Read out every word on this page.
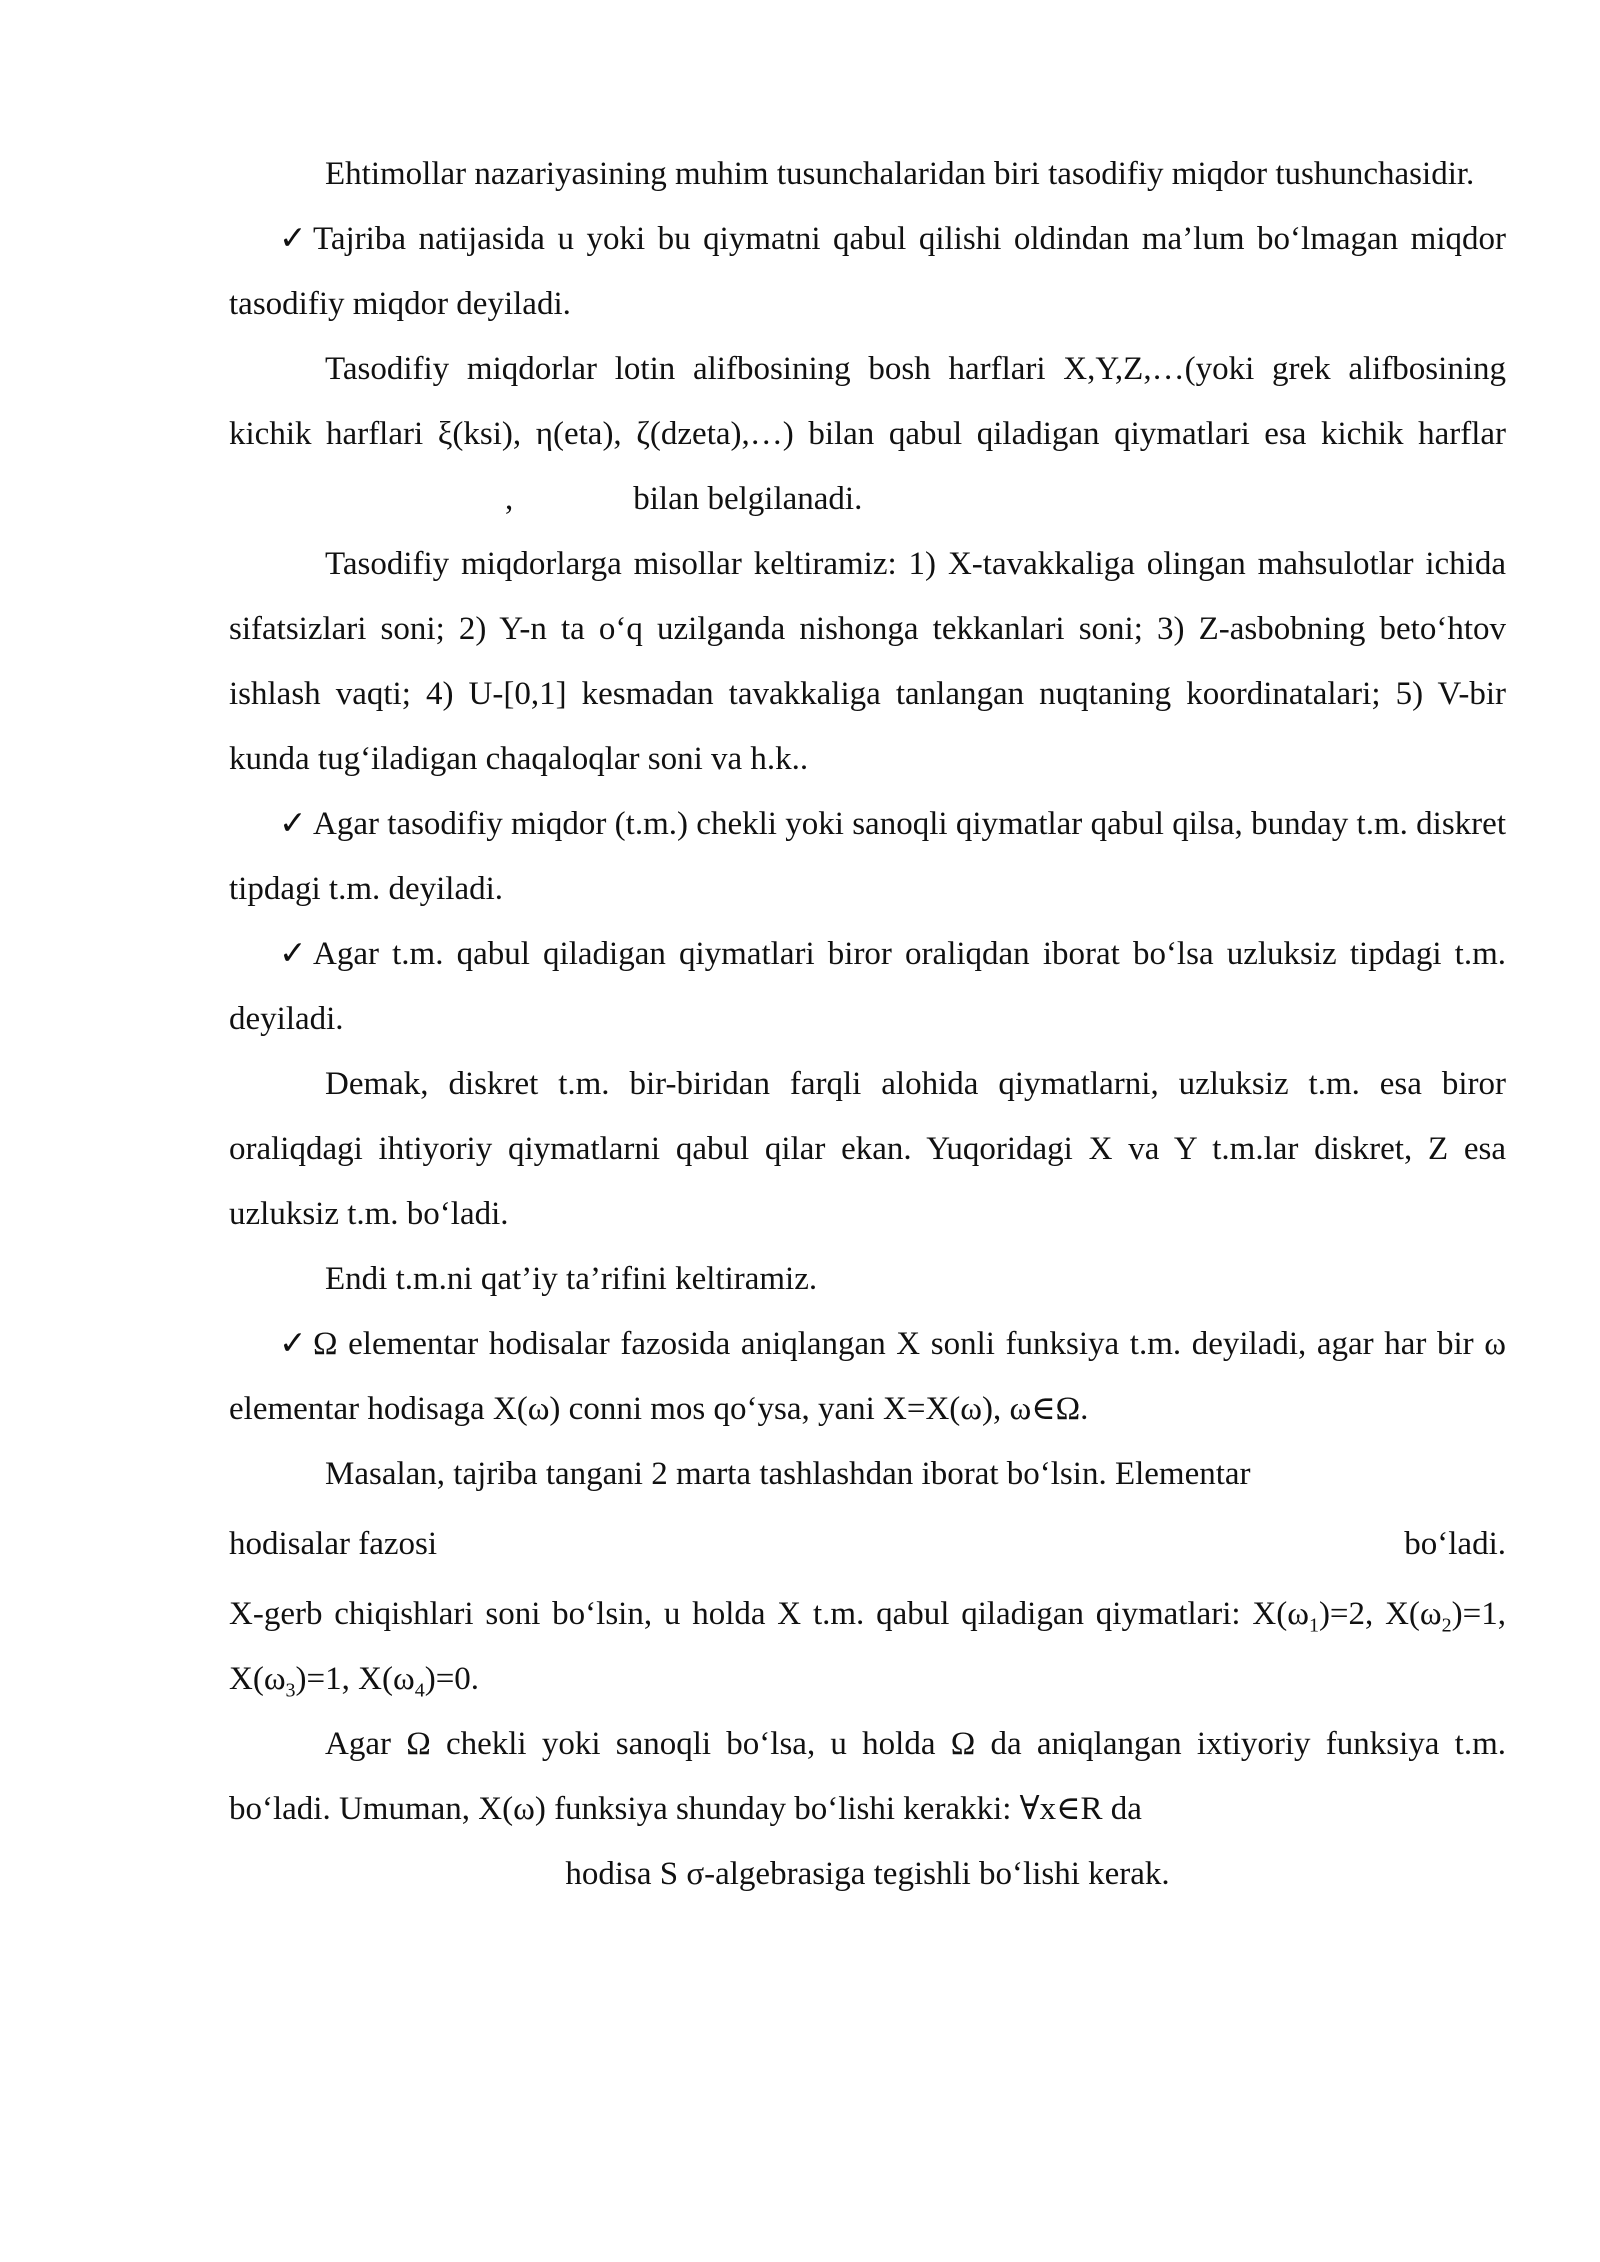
Ehtimollar nazariyasining muhim tusunchalaridan biri tasodifiy miqdor tushunchasidir.

✓ Tajriba natijasida u yoki bu qiymatni qabul qilishi oldindan ma’lum bo‘lmagan miqdor tasodifiy miqdor deyiladi.

Tasodifiy miqdorlar lotin alifbosining bosh harflari X,Y,Z,…(yoki grek alifbosining kichik harflari ξ(ksi), η(eta), ζ(dzeta),…) bilan qabul qiladigan qiymatlari esa kichik harflar,	bilan belgilanadi.

Tasodifiy miqdorlarga misollar keltiramiz: 1) X-tavakkaliga olingan mahsulotlar ichida sifatsizlari soni; 2) Y-n ta o‘q uzilganda nishonga tekkanlari soni; 3) Z-asbobning beto‘htov ishlash vaqti; 4) U-[0,1] kesmadan tavakkaliga tanlangan nuqtaning koordinatalari; 5) V-bir kunda tug‘iladigan chaqaloqlar soni va h.k..

✓ Agar tasodifiy miqdor (t.m.) chekli yoki sanoqli qiymatlar qabul qilsa, bunday t.m. diskret tipdagi t.m. deyiladi.

✓ Agar t.m. qabul qiladigan qiymatlari biror oraliqdan iborat bo‘lsa uzluksiz tipdagi t.m. deyiladi.

Demak, diskret t.m. bir-biridan farqli alohida qiymatlarni, uzluksiz t.m. esa biror oraliqdagi ihtiyoriy qiymatlarni qabul qilar ekan. Yuqoridagi X va Y t.m.lar diskret, Z esa uzluksiz t.m. bo‘ladi.

Endi t.m.ni qat’iy ta’rifini keltiramiz.

✓ Ω elementar hodisalar fazosida aniqlangan X sonli funksiya t.m. deyiladi, agar har bir ω elementar hodisaga X(ω) conni mos qo‘ysa, yani X=X(ω), ω∈Ω.

Masalan, tajriba tangani 2 marta tashlashdan iborat bo‘lsin. Elementar

hodisalar fazosi	bo‘ladi.

X-gerb chiqishlari soni bo‘lsin, u holda X t.m. qabul qiladigan qiymatlari: $X(\omega_1)=2$, $X(\omega_2)=1$, $X(\omega_3)=1$, $X(\omega_4)=0$.

Agar Ω chekli yoki sanoqli bo‘lsa, u holda Ω da aniqlangan ixtiyoriy funksiya t.m. bo‘ladi. Umuman, X(ω) funksiya shunday bo‘lishi kerakki: ∀x∈R da

hodisa S σ-algebrasiga tegishli bo‘lishi kerak.
